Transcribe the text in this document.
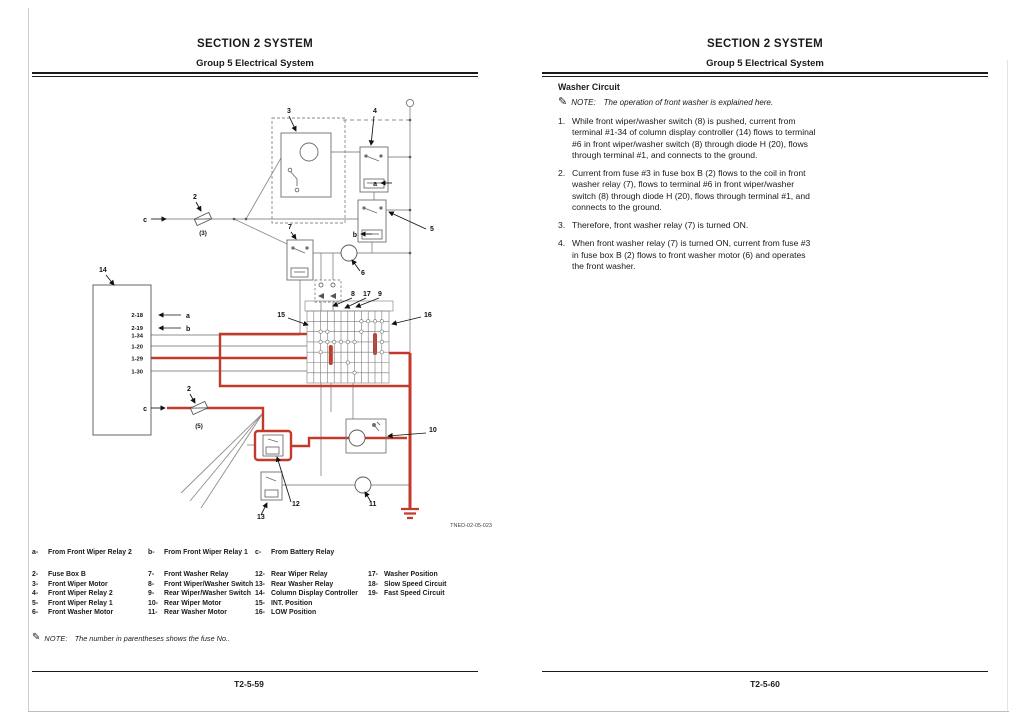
SECTION 2 SYSTEM
Group 5 Electrical System
3	4
2
(3)
c
7	5
a
b
6
14
a
b
15
8 17 9
16
10
12
13
11
2
(5)
c
2-18
2-19
1-34
1-20
1-29
1-30
TNED-02-05-023
a- From Front Wiper Relay 2 b- From Front Wiper Relay 1 c- From Battery Relay
2- Fuse Box B
3- Front Wiper Motor
4- Front Wiper Relay 2
5- Front Wiper Relay 1
6- Front Washer Motor
7- Front Washer Relay
8- Front Wiper/Washer Switch
9- Rear Wiper/Washer Switch
10- Rear Wiper Motor
11- Rear Washer Motor
12- Rear Wiper Relay
13- Rear Washer Relay
14- Column Display Controller
15- INT. Position
16- LOW Position
17- Washer Position
18- Slow Speed Circuit
19- Fast Speed Circuit
✎ NOTE: The number in parentheses shows the fuse No..
T2-5-59
SECTION 2 SYSTEM
Group 5 Electrical System
Washer Circuit
✎ NOTE: The operation of front washer is explained here.
1. While front wiper/washer switch (8) is pushed, current from terminal #1-34 of column display controller (14) flows to terminal #6 in front wiper/washer switch (8) through diode H (20), flows through terminal #1, and connects to the ground.
2. Current from fuse #3 in fuse box B (2) flows to the coil in front washer relay (7), flows to terminal #6 in front wiper/washer switch (8) through diode H (20), flows through terminal #1, and connects to the ground.
3. Therefore, front washer relay (7) is turned ON.
4. When front washer relay (7) is turned ON, current from fuse #3 in fuse box B (2) flows to front washer motor (6) and operates the front washer.
T2-5-60
